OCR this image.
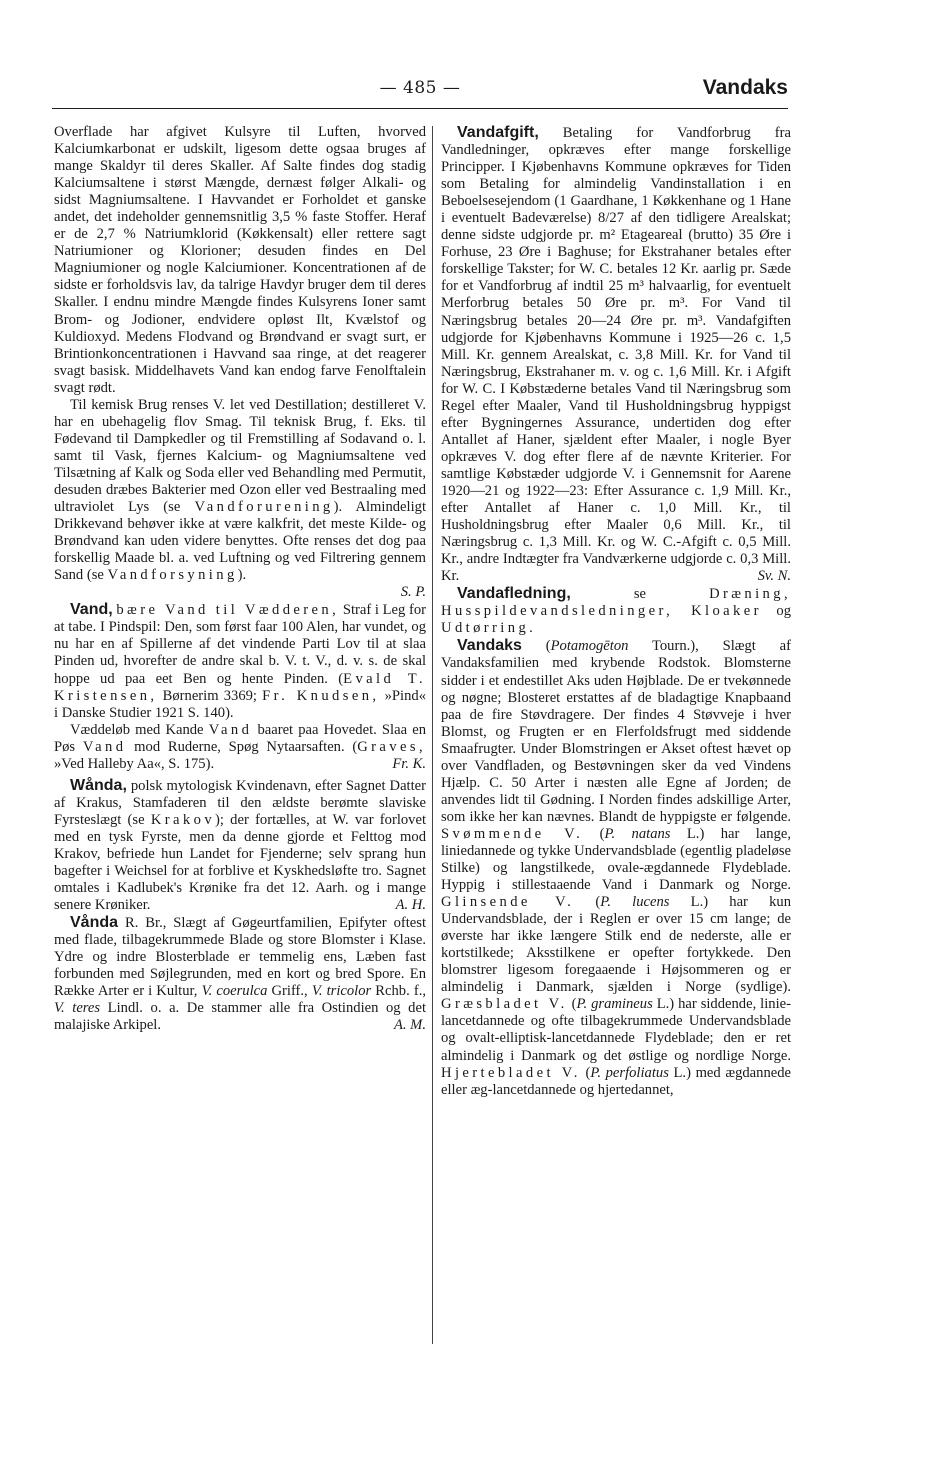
— 485 —	Vandaks

Overflade har afgivet Kulsyre til Luften, hvorved Kalciumkarbonat er udskilt, ligesom dette ogsaa bruges af mange Skaldyr til deres Skaller. Af Salte findes dog stadig Kalciumsaltene i størst Mængde, dernæst følger Alkali- og sidst Magniumsaltene. I Havvandet er Forholdet et ganske andet, det indeholder gennemsnitlig 3,5 % faste Stoffer. Heraf er de 2,7 % Natriumklorid (Køkkensalt) eller rettere sagt Natriumioner og Klorioner; desuden findes en Del Magniumioner og nogle Kalciumioner. Koncentrationen af de sidste er forholdsvis lav, da talrige Havdyr bruger dem til deres Skaller. I endnu mindre Mængde findes Kulsyrens Ioner samt Brom- og Jodioner, endvidere opløst Ilt, Kvælstof og Kuldioxyd. Medens Flodvand og Brøndvand er svagt surt, er Brintionkoncentrationen i Havvand saa ringe, at det reagerer svagt basisk. Middelhavets Vand kan endog farve Fenolftalein svagt rødt.

Til kemisk Brug renses V. let ved Destillation; destilleret V. har en ubehagelig flov Smag. Til teknisk Brug, f. Eks. til Fødevand til Dampkedler og til Fremstilling af Sodavand o. l. samt til Vask, fjernes Kalcium- og Magniumsaltene ved Tilsætning af Kalk og Soda eller ved Behandling med Permutit, desuden dræbes Bakterier med Ozon eller ved Bestraaling med ultraviolet Lys (se Vandforurening). Almindeligt Drikkevand behøver ikke at være kalkfrit, det meste Kilde- og Brøndvand kan uden videre benyttes. Ofte renses det dog paa forskellig Maade bl. a. ved Luftning og ved Filtrering gennem Sand (se Vandforsyning).

S. P.

Vand, bære Vand til Vædderen, Straf i Leg for at tabe. I Pindspil: Den, som først faar 100 Alen, har vundet, og nu har en af Spillerne af det vindende Parti Lov til at slaa Pinden ud, hvorefter de andre skal b. V. t. V., d. v. s. de skal hoppe ud paa eet Ben og hente Pinden. (Evald T. Kristensen, Børnerim 3369; Fr. Knudsen, »Pind« i Danske Studier 1921 S. 140).

Væddeløb med Kande Vand baaret paa Hovedet. Slaa en Pøs Vand mod Ruderne, Spøg Nytaarsaften. (Graves, »Ved Halleby Aa«, S. 175).	Fr. K.

Wånda, polsk mytologisk Kvindenavn, efter Sagnet Datter af Krakus, Stamfaderen til den ældste berømte slaviske Fyrsteslægt (se Krakov); der fortælles, at W. var forlovet med en tysk Fyrste, men da denne gjorde et Felttog mod Krakov, befriede hun Landet for Fjenderne; selv sprang hun bagefter i Weichsel for at forblive et Kyskhedsløfte tro. Sagnet omtales i Kadlubek's Krønike fra det 12. Aarh. og i mange senere Krøniker.	A. H.

Vånda R. Br., Slægt af Gøgeurtfamilien, Epifyter oftest med flade, tilbagekrummede Blade og store Blomster i Klase. Ydre og indre Blosterblade er temmelig ens, Læben fast forbunden med Søjlegrunden, med en kort og bred Spore. En Række Arter er i Kultur, V. coerulca Griff., V. tricolor Rchb. f., V. teres Lindl. o. a. De stammer alle fra Ostindien og det malajiske Arkipel.	A. M.

Vandafgift, Betaling for Vandforbrug fra Vandledninger, opkræves efter mange forskellige Principper. I Kjøbenhavns Kommune opkræves for Tiden som Betaling for almindelig Vandinstallation i en Beboelsesejendom (1 Gaardhane, 1 Køkkenhane og 1 Hane i eventuelt Badeværelse) 8/27 af den tidligere Arealskat; denne sidste udgjorde pr. m² Etageareal (brutto) 35 Øre i Forhuse, 23 Øre i Baghuse; for Ekstrahaner betales efter forskellige Takster; for W. C. betales 12 Kr. aarlig pr. Sæde for et Vandforbrug af indtil 25 m³ halvaarlig, for eventuelt Merforbrug betales 50 Øre pr. m³. For Vand til Næringsbrug betales 20—24 Øre pr. m³. Vandafgiften udgjorde for Kjøbenhavns Kommune i 1925—26 c. 1,5 Mill. Kr. gennem Arealskat, c. 3,8 Mill. Kr. for Vand til Næringsbrug, Ekstrahaner m. v. og c. 1,6 Mill. Kr. i Afgift for W. C. I Købstæderne betales Vand til Næringsbrug som Regel efter Maaler, Vand til Husholdningsbrug hyppigst efter Bygningernes Assurance, undertiden dog efter Antallet af Haner, sjældent efter Maaler, i nogle Byer opkræves V. dog efter flere af de nævnte Kriterier. For samtlige Købstæder udgjorde V. i Gennemsnit for Aarene 1920—21 og 1922—23: Efter Assurance c. 1,9 Mill. Kr., efter Antallet af Haner c. 1,0 Mill. Kr., til Husholdningsbrug efter Maaler 0,6 Mill. Kr., til Næringsbrug c. 1,3 Mill. Kr. og W. C.-Afgift c. 0,5 Mill. Kr., andre Indtægter fra Vandværkerne udgjorde c. 0,3 Mill. Kr.	Sv. N.

Vandafledning, se Dræning, Husspildevandsledninger, Kloaker og Udtørring.

Vandaks (Potamogēton Tourn.), Slægt af Vandaksfamilien med krybende Rodstok. Blomsterne sidder i et endestillet Aks uden Højblade. De er tvekønnede og nøgne; Blosteret erstattes af de bladagtige Knapbaand paa de fire Støvdragere. Der findes 4 Støvveje i hver Blomst, og Frugten er en Flerfoldsfrugt med siddende Smaafrugter. Under Blomstringen er Akset oftest hævet op over Vandfladen, og Bestøvningen sker da ved Vindens Hjælp. C. 50 Arter i næsten alle Egne af Jorden; de anvendes lidt til Gødning. I Norden findes adskillige Arter, som ikke her kan nævnes. Blandt de hyppigste er følgende. Svømmende V. (P. natans L.) har lange, liniedannede og tykke Undervandsblade (egentlig pladeløse Stilke) og langstilkede, ovale-ægdannede Flydeblade. Hyppig i stillestaaende Vand i Danmark og Norge. Glinsende V. (P. lucens L.) har kun Undervandsblade, der i Reglen er over 15 cm lange; de øverste har ikke længere Stilk end de nederste, alle er kortstilkede; Aksstilkene er opefter fortykkede. Den blomstrer ligesom foregaaende i Højsommeren og er almindelig i Danmark, sjælden i Norge (sydlige). Græsbladet V. (P. gramineus L.) har siddende, linie-lancetdannede og ofte tilbagekrummede Undervandsblade og ovalt-elliptisk-lancetdannede Flydeblade; den er ret almindelig i Danmark og det østlige og nordlige Norge. Hjertebladet V. (P. perfoliatus L.) med ægdannede eller æg-lancetdannede og hjertedannet,
